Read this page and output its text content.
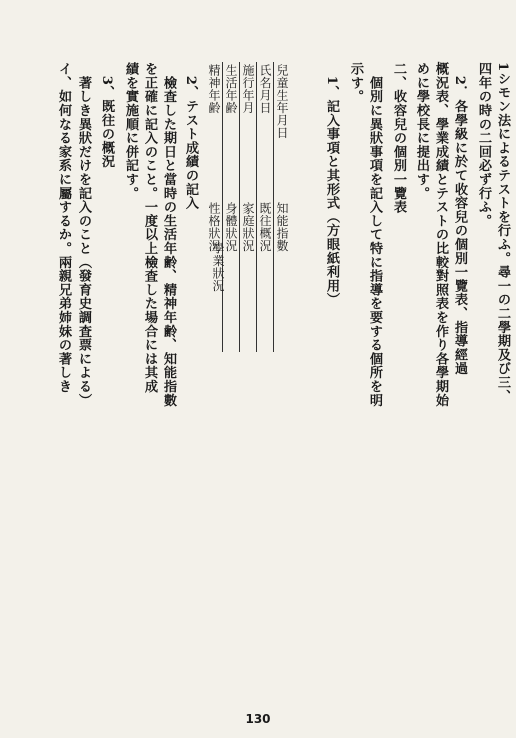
1シモン法によるテストを行ふ。尋一の二學期及び三、
四年の時の二回必ず行ふ。
　2．各學級に於て收容兒の個別一覽表、指導經過
概況表、學業成績とテストの比較對照表を作り各學期始
めに學校長に提出す。
二、收容兒の個別一覽表
　個別に異狀事項を記入して特に指導を要する個所を明
示す。
　1、記入事項と其形式（方眼紙利用）
兒童生年月日
氏名月日
施行年月
生活年齢
精神年齢
知能指數
既往概況
家庭狀況
身體狀況
性格狀況
學業狀況
　2、テスト成績の記入
　檢査した期日と當時の生活年齢、精神年齢、知能指數
を正確に記入のこと。一度以上檢査した場合には其成
績を實施順に併記す。
　3、既往の概況
　著しき異狀だけを記入のこと（發育史調査票による）
イ、如何なる家系に屬するか。兩親兄弟姉妹の著しき
130
